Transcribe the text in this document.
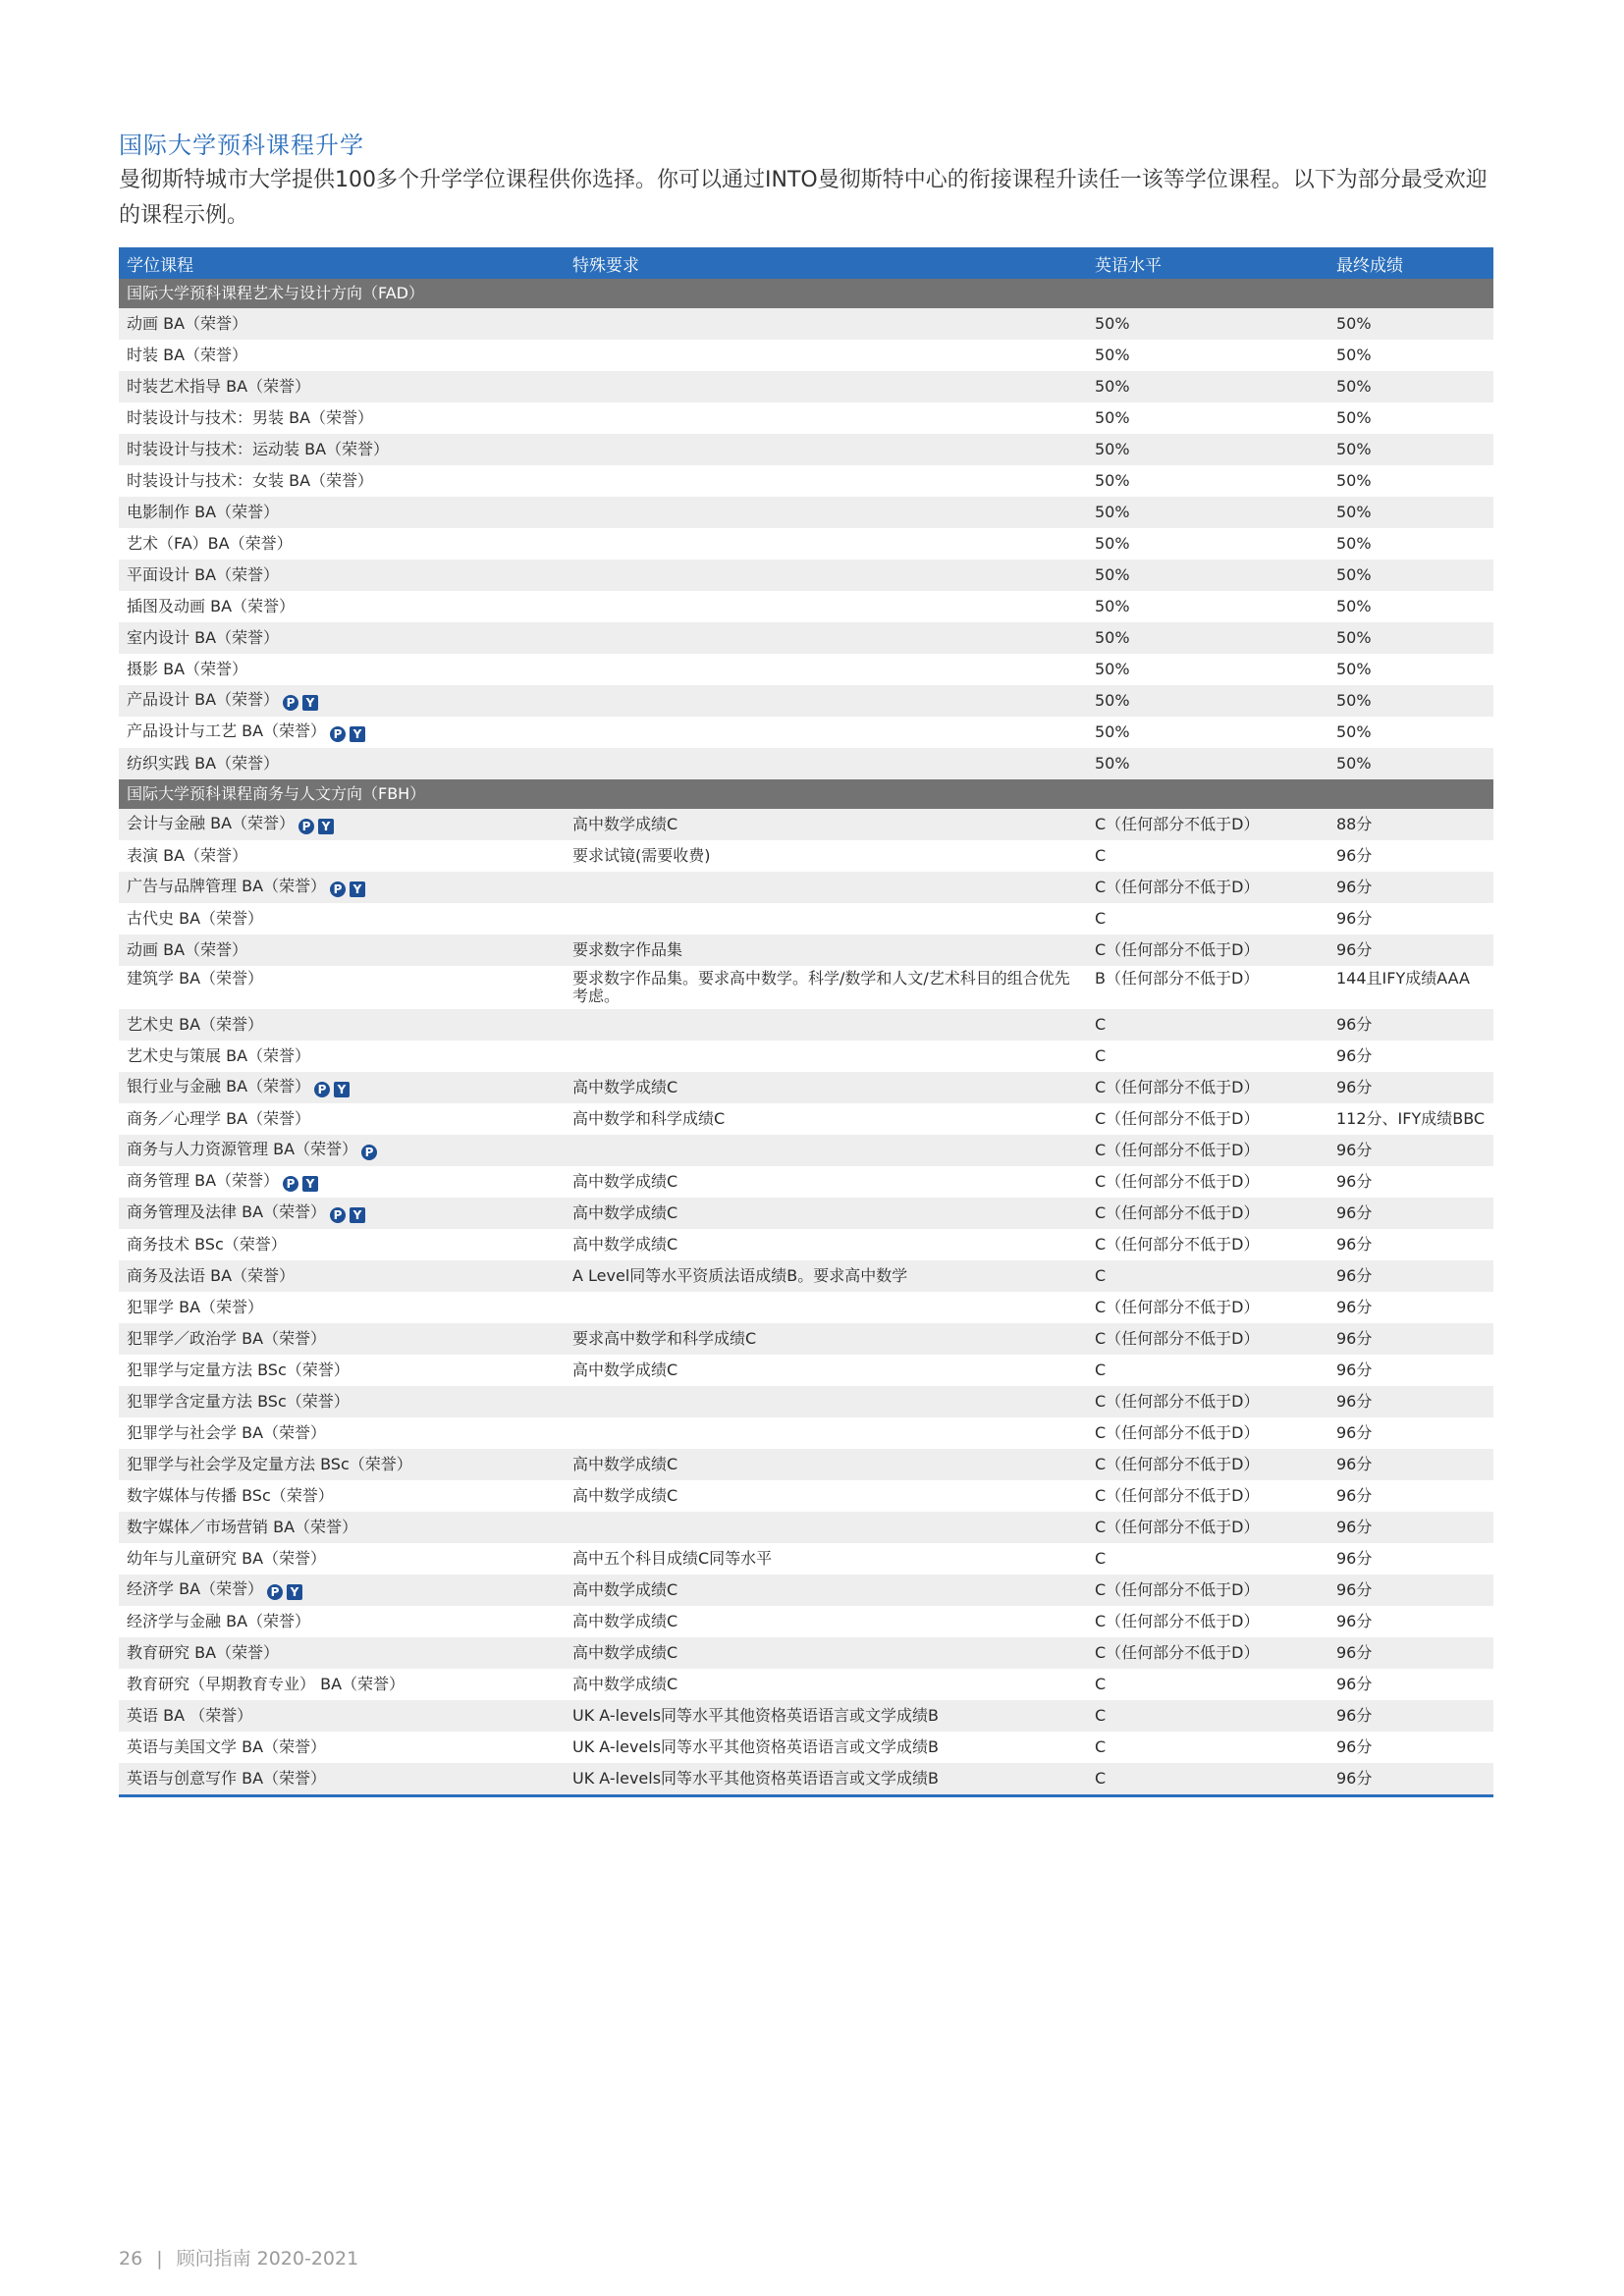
国际大学预科课程升学
曼彻斯特城市大学提供100多个升学学位课程供你选择。你可以通过INTO曼彻斯特中心的衔接课程升读任一该等学位课程。以下为部分最受欢迎的课程示例。
学位课程	特殊要求	英语水平	最终成绩
国际大学预科课程艺术与设计方向（FAD）			
动画 BA（荣誉）		50%	50%
时装 BA（荣誉）		50%	50%
时装艺术指导 BA（荣誉）		50%	50%
时装设计与技术：男装 BA（荣誉）		50%	50%
时装设计与技术：运动装 BA（荣誉）		50%	50%
时装设计与技术：女装 BA（荣誉）		50%	50%
电影制作 BA（荣誉）		50%	50%
艺术（FA）BA（荣誉）		50%	50%
平面设计 BA（荣誉）		50%	50%
插图及动画 BA（荣誉）		50%	50%
室内设计 BA（荣誉）		50%	50%
摄影 BA（荣誉）		50%	50%
产品设计 BA（荣誉） P Y		50%	50%
产品设计与工艺 BA（荣誉） P Y		50%	50%
纺织实践 BA（荣誉）		50%	50%
国际大学预科课程商务与人文方向（FBH）			
会计与金融 BA（荣誉） P Y	高中数学成绩C	C（任何部分不低于D）	88分
表演 BA（荣誉）	要求试镜(需要收费)	C	96分
广告与品牌管理 BA（荣誉） P Y		C（任何部分不低于D）	96分
古代史 BA（荣誉）		C	96分
动画 BA（荣誉）	要求数字作品集	C（任何部分不低于D）	96分
建筑学 BA（荣誉）	要求数字作品集。要求高中数学。科学/数学和人文/艺术科目的组合优先考虑。	B（任何部分不低于D）	144且IFY成绩AAA
艺术史 BA（荣誉）		C	96分
艺术史与策展 BA（荣誉）		C	96分
银行业与金融 BA（荣誉） P Y	高中数学成绩C	C（任何部分不低于D）	96分
商务／心理学 BA（荣誉）	高中数学和科学成绩C	C（任何部分不低于D）	112分、IFY成绩BBC
商务与人力资源管理 BA（荣誉） P		C（任何部分不低于D）	96分
商务管理 BA（荣誉） P Y	高中数学成绩C	C（任何部分不低于D）	96分
商务管理及法律 BA（荣誉） P Y	高中数学成绩C	C（任何部分不低于D）	96分
商务技术 BSc（荣誉）	高中数学成绩C	C（任何部分不低于D）	96分
商务及法语 BA（荣誉）	A Level同等水平资质法语成绩B。要求高中数学	C	96分
犯罪学 BA（荣誉）		C（任何部分不低于D）	96分
犯罪学／政治学 BA（荣誉）	要求高中数学和科学成绩C	C（任何部分不低于D）	96分
犯罪学与定量方法 BSc（荣誉）	高中数学成绩C	C	96分
犯罪学含定量方法 BSc（荣誉）		C（任何部分不低于D）	96分
犯罪学与社会学 BA（荣誉）		C（任何部分不低于D）	96分
犯罪学与社会学及定量方法 BSc（荣誉）	高中数学成绩C	C（任何部分不低于D）	96分
数字媒体与传播 BSc（荣誉）	高中数学成绩C	C（任何部分不低于D）	96分
数字媒体／市场营销 BA（荣誉）		C（任何部分不低于D）	96分
幼年与儿童研究 BA（荣誉）	高中五个科目成绩C同等水平	C	96分
经济学 BA（荣誉） P Y	高中数学成绩C	C（任何部分不低于D）	96分
经济学与金融 BA（荣誉）	高中数学成绩C	C（任何部分不低于D）	96分
教育研究 BA（荣誉）	高中数学成绩C	C（任何部分不低于D）	96分
教育研究（早期教育专业） BA（荣誉）	高中数学成绩C	C	96分
英语 BA （荣誉）	UK A-levels同等水平其他资格英语语言或文学成绩B	C	96分
英语与美国文学 BA（荣誉）	UK A-levels同等水平其他资格英语语言或文学成绩B	C	96分
英语与创意写作 BA（荣誉）	UK A-levels同等水平其他资格英语语言或文学成绩B	C	96分
26 | 顾问指南 2020-2021
